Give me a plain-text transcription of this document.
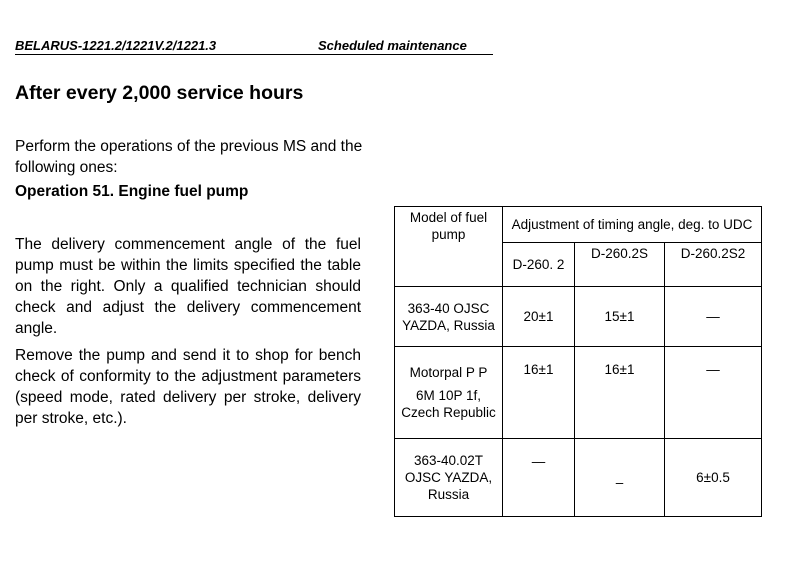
BELARUS-1221.2/1221V.2/1221.3	Scheduled maintenance
After every 2,000 service hours
Perform the operations of the previous MS and the following ones:
Operation 51. Engine fuel pump
The delivery commencement angle of the fuel pump must be within the limits specified the table on the right. Only a qualified technician should check and adjust the delivery commencement angle.
Remove the pump and send it to shop for bench check of conformity to the adjustment parameters (speed mode, rated delivery per stroke, delivery per stroke, etc.).
Model of fuel pump	Adjustment of timing angle, deg. to UDC		
	D-260. 2	D-260.2S	D-260.2S2
363-40 OJSC YAZDA, Russia	20±1	15±1	—

Motorpal P P
6M 10P 1f,
Czech Republic	16±1	16±1	—
363-40.02T OJSC YAZDA, Russia	—	–	6±0.5
